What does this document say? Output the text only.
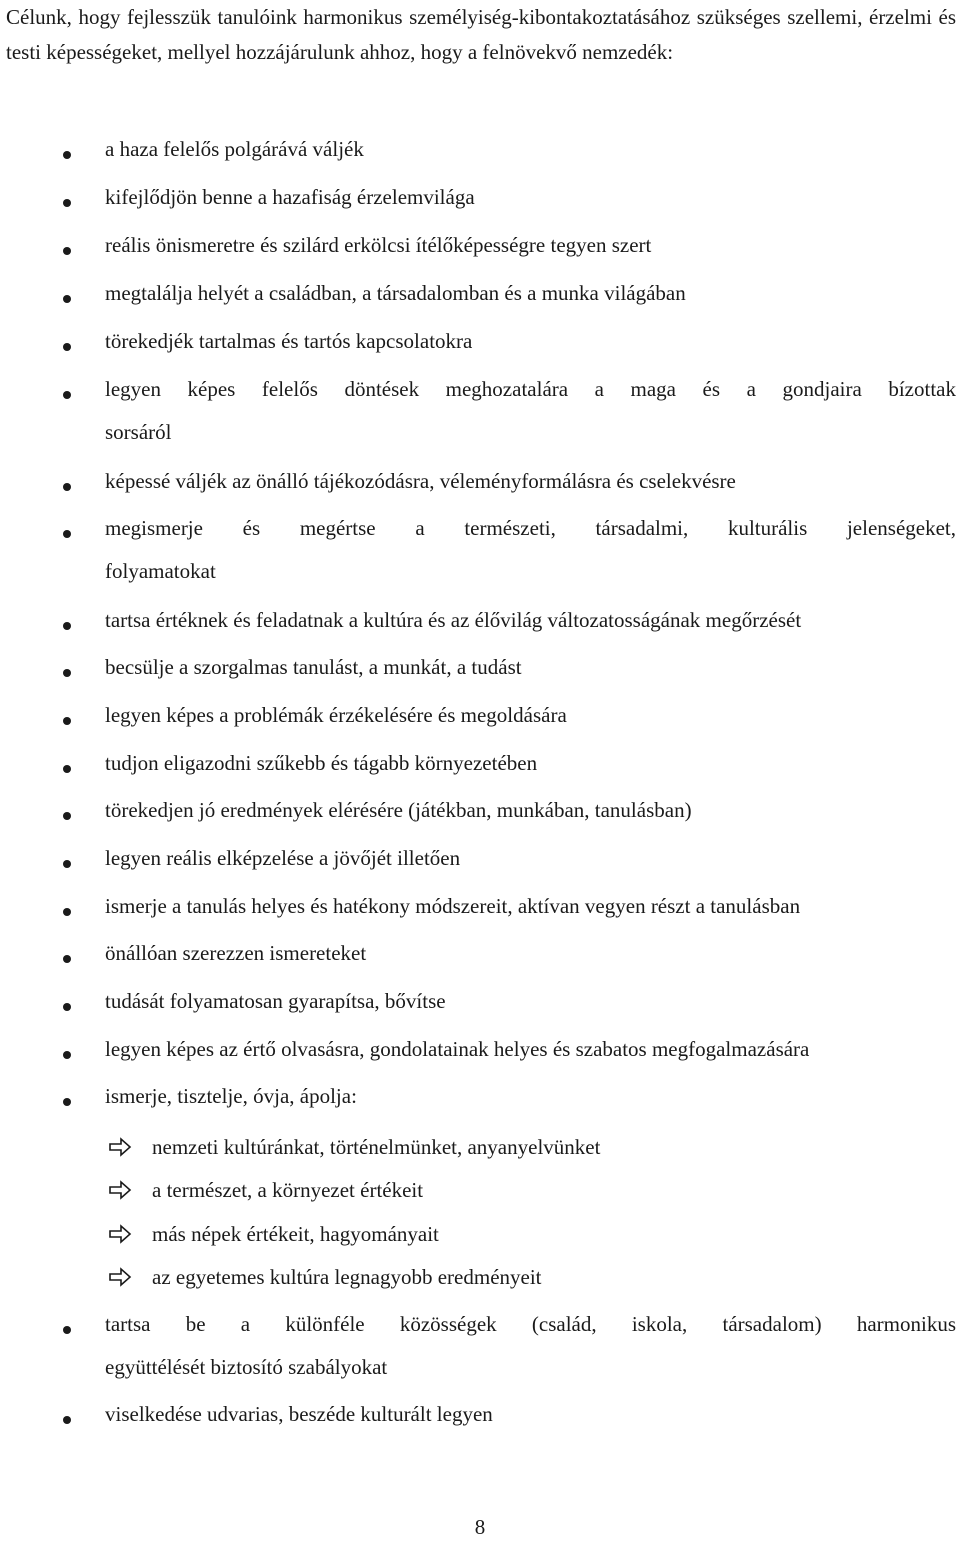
Célunk, hogy fejlesszük tanulóink harmonikus személyiség-kibontakoztatásához szükséges szellemi, érzelmi és testi képességeket, mellyel hozzájárulunk ahhoz, hogy a felnövekvő nemzedék:

a haza felelős polgárává váljék

kifejlődjön benne a hazafiság érzelemvilága

reális önismeretre és szilárd erkölcsi ítélőképességre tegyen szert

megtalálja helyét a családban, a társadalomban és a munka világában

törekedjék tartalmas és tartós kapcsolatokra

legyen képes felelős döntések meghozatalára a maga és a gondjaira bízottak
sorsáról

képessé váljék az önálló tájékozódásra, véleményformálásra és cselekvésre

megismerje és megértse a természeti, társadalmi, kulturális jelenségeket,
folyamatokat

tartsa értéknek és feladatnak a kultúra és az élővilág változatosságának megőrzését

becsülje a szorgalmas tanulást, a munkát, a tudást

legyen képes a problémák érzékelésére és megoldására

tudjon eligazodni szűkebb és tágabb környezetében

törekedjen jó eredmények elérésére (játékban, munkában, tanulásban)

legyen reális elképzelése a jövőjét illetően

ismerje a tanulás helyes és hatékony módszereit, aktívan vegyen részt a tanulásban

önállóan szerezzen ismereteket

tudását folyamatosan gyarapítsa, bővítse

legyen képes az értő olvasásra, gondolatainak helyes és szabatos megfogalmazására

ismerje, tisztelje, óvja, ápolja:

nemzeti kultúránkat, történelmünket, anyanyelvünket

a természet, a környezet értékeit

más népek értékeit, hagyományait

az egyetemes kultúra legnagyobb eredményeit

tartsa be a különféle közösségek (család, iskola, társadalom) harmonikus
együttélését biztosító szabályokat

viselkedése udvarias, beszéde kulturált legyen

8
